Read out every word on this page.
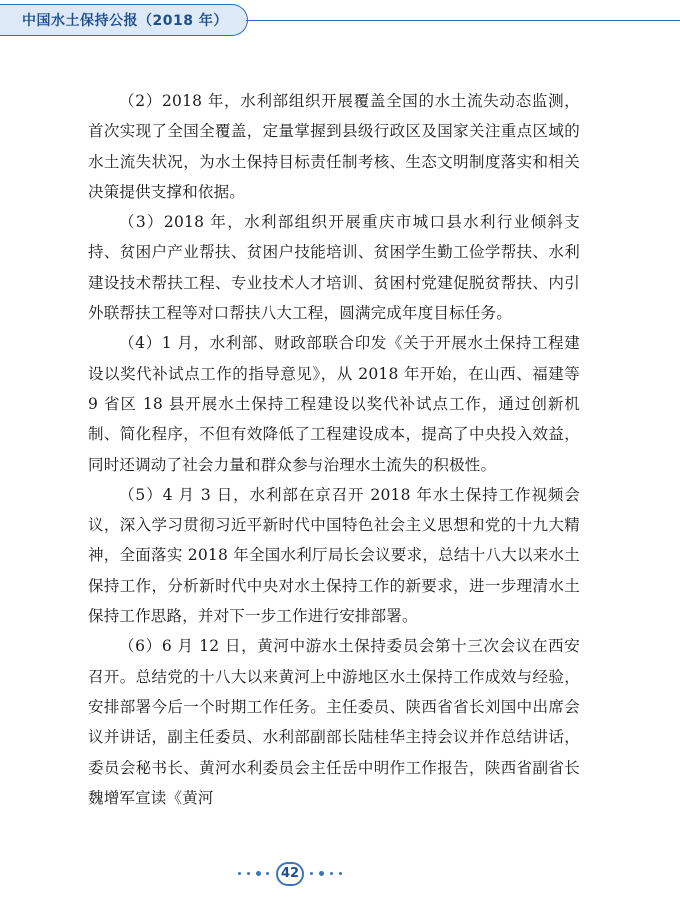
中国水土保持公报（2018 年）

（2）2018 年，水利部组织开展覆盖全国的水土流失动态监测，首次实现了全国全覆盖，定量掌握到县级行政区及国家关注重点区域的水土流失状况，为水土保持目标责任制考核、生态文明制度落实和相关决策提供支撑和依据。

（3）2018 年，水利部组织开展重庆市城口县水利行业倾斜支持、贫困户产业帮扶、贫困户技能培训、贫困学生勤工俭学帮扶、水利建设技术帮扶工程、专业技术人才培训、贫困村党建促脱贫帮扶、内引外联帮扶工程等对口帮扶八大工程，圆满完成年度目标任务。

（4）1 月，水利部、财政部联合印发《关于开展水土保持工程建设以奖代补试点工作的指导意见》，从 2018 年开始，在山西、福建等 9 省区 18 县开展水土保持工程建设以奖代补试点工作，通过创新机制、简化程序，不但有效降低了工程建设成本，提高了中央投入效益，同时还调动了社会力量和群众参与治理水土流失的积极性。

（5）4 月 3 日，水利部在京召开 2018 年水土保持工作视频会议，深入学习贯彻习近平新时代中国特色社会主义思想和党的十九大精神，全面落实 2018 年全国水利厅局长会议要求，总结十八大以来水土保持工作，分析新时代中央对水土保持工作的新要求，进一步理清水土保持工作思路，并对下一步工作进行安排部署。

（6）6 月 12 日，黄河中游水土保持委员会第十三次会议在西安召开。总结党的十八大以来黄河上中游地区水土保持工作成效与经验，安排部署今后一个时期工作任务。主任委员、陕西省省长刘国中出席会议并讲话，副主任委员、水利部副部长陆桂华主持会议并作总结讲话，委员会秘书长、黄河水利委员会主任岳中明作工作报告，陕西省副省长魏增军宣读《黄河

42
